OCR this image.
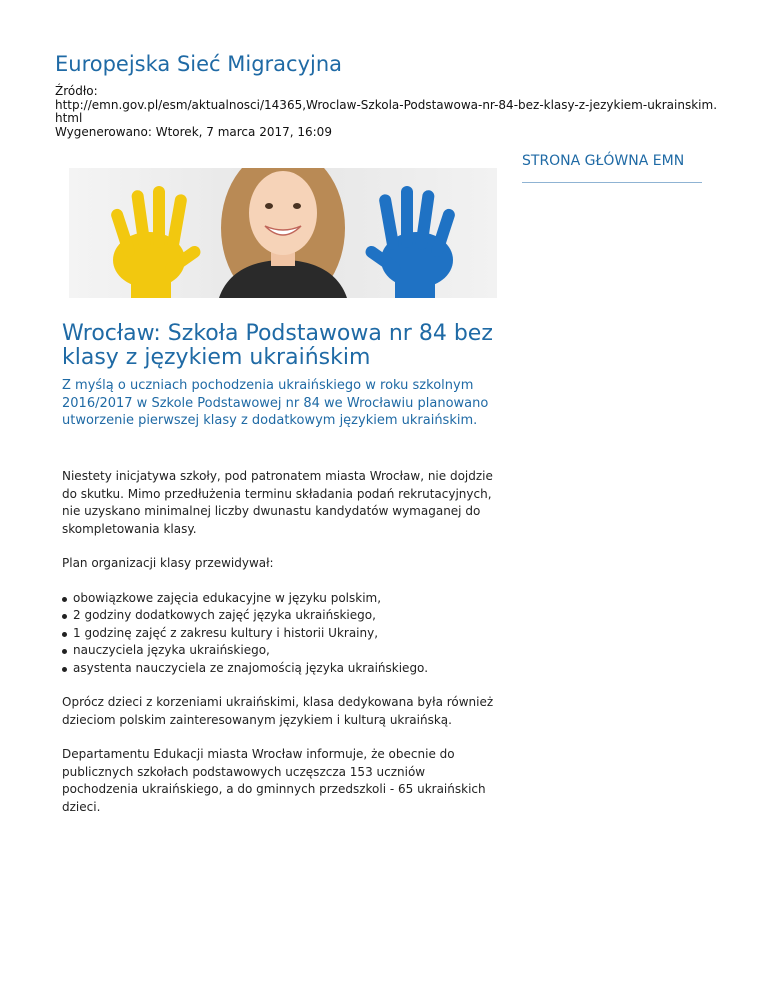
Europejska Sieć Migracyjna
Źródło:
http://emn.gov.pl/esm/aktualnosci/14365,Wroclaw-Szkola-Podstawowa-nr-84-bez-klasy-z-jezykiem-ukrainskim.html
Wygenerowano: Wtorek, 7 marca 2017, 16:09
STRONA GŁÓWNA EMN
Wrocław: Szkoła Podstawowa nr 84 bez klasy z językiem ukraińskim

Z myślą o uczniach pochodzenia ukraińskiego w roku szkolnym 2016/2017 w Szkole Podstawowej nr 84 we Wrocławiu planowano utworzenie pierwszej klasy z dodatkowym językiem ukraińskim.

Niestety inicjatywa szkoły, pod patronatem miasta Wrocław, nie dojdzie do skutku. Mimo przedłużenia terminu składania podań rekrutacyjnych, nie uzyskano minimalnej liczby dwunastu kandydatów wymaganej do skompletowania klasy.

Plan organizacji klasy przewidywał:

obowiązkowe zajęcia edukacyjne w języku polskim,
2 godziny dodatkowych zajęć języka ukraińskiego,
1 godzinę zajęć z zakresu kultury i historii Ukrainy,
nauczyciela języka ukraińskiego,
asystenta nauczyciela ze znajomością języka ukraińskiego.

Oprócz dzieci z korzeniami ukraińskimi, klasa dedykowana była również dzieciom polskim zainteresowanym językiem i kulturą ukraińską.

Departamentu Edukacji miasta Wrocław informuje, że obecnie do publicznych szkołach podstawowych uczęszcza 153 uczniów pochodzenia ukraińskiego, a do gminnych przedszkoli - 65 ukraińskich dzieci.
